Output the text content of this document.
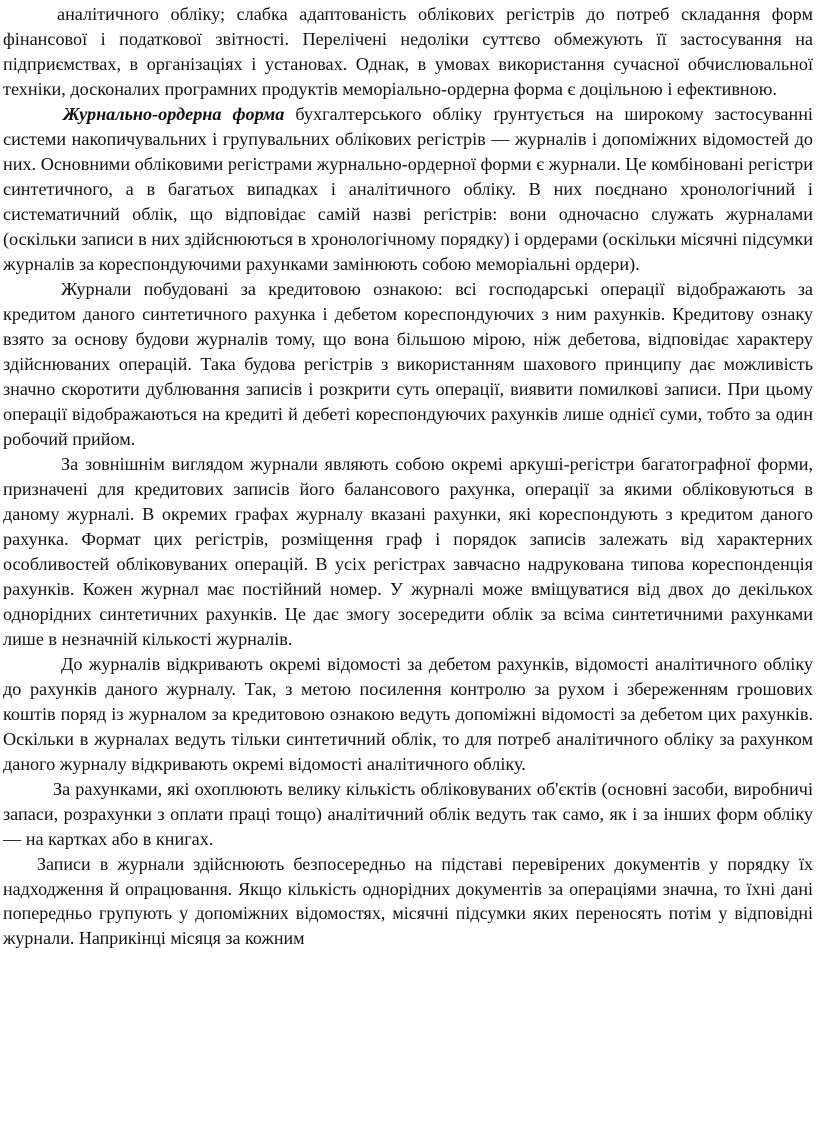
аналітичного обліку; слабка адаптованість облікових регістрів до потреб складання форм фінансової і податкової звітності. Перелічені недоліки суттєво обмежують її застосування на підприємствах, в організаціях і установах. Однак, в умовах використання сучасної обчислювальної техніки, досконалих програмних продуктів меморіально-ордерна форма є доцільною і ефективною.

Журнально-ордерна форма бухгалтерського обліку ґрунтується на широкому застосуванні системи накопичувальних і групувальних облікових регістрів — журналів і допоміжних відомостей до них. Основними обліковими регістрами журнально-ордерної форми є журнали. Це комбіновані регістри синтетичного, а в багатьох випадках і аналітичного обліку. В них поєднано хронологічний і систематичний облік, що відповідає самій назві регістрів: вони одночасно служать журналами (оскільки записи в них здійснюються в хронологічному порядку) і ордерами (оскільки місячні підсумки журналів за кореспондуючими рахунками замінюють собою меморіальні ордери).

Журнали побудовані за кредитовою ознакою: всі господарські операції відображають за кредитом даного синтетичного рахунка і дебетом кореспондуючих з ним рахунків. Кредитову ознаку взято за основу будови журналів тому, що вона більшою мірою, ніж дебетова, відповідає характеру здійснюваних операцій. Така будова регістрів з використанням шахового принципу дає можливість значно скоротити дублювання записів і розкрити суть операції, виявити помилкові записи. При цьому операції відображаються на кредиті й дебеті кореспондуючих рахунків лише однієї суми, тобто за один робочий прийом.

За зовнішнім виглядом журнали являють собою окремі аркуші-регістри багатографної форми, призначені для кредитових записів його балансового рахунка, операції за якими обліковуються в даному журналі. В окремих графах журналу вказані рахунки, які кореспондують з кредитом даного рахунка. Формат цих регістрів, розміщення граф і порядок записів залежать від характерних особливостей обліковуваних операцій. В усіх регістрах завчасно надрукована типова кореспонденція рахунків. Кожен журнал має постійний номер. У журналі може вміщуватися від двох до декількох однорідних синтетичних рахунків. Це дає змогу зосередити облік за всіма синтетичними рахунками лише в незначній кількості журналів.

До журналів відкривають окремі відомості за дебетом рахунків, відомості аналітичного обліку до рахунків даного журналу. Так, з метою посилення контролю за рухом і збереженням грошових коштів поряд із журналом за кредитовою ознакою ведуть допоміжні відомості за дебетом цих рахунків. Оскільки в журналах ведуть тільки синтетичний облік, то для потреб аналітичного обліку за рахунком даного журналу відкривають окремі відомості аналітичного обліку.

За рахунками, які охоплюють велику кількість обліковуваних об'єктів (основні засоби, виробничі запаси, розрахунки з оплати праці тощо) аналітичний облік ведуть так само, як і за інших форм обліку — на картках або в книгах.

Записи в журнали здійснюють безпосередньо на підставі перевірених документів у порядку їх надходження й опрацювання. Якщо кількість однорідних документів за операціями значна, то їхні дані попередньо групують у допоміжних відомостях, місячні підсумки яких переносять потім у відповідні журнали. Наприкінці місяця за кожним
